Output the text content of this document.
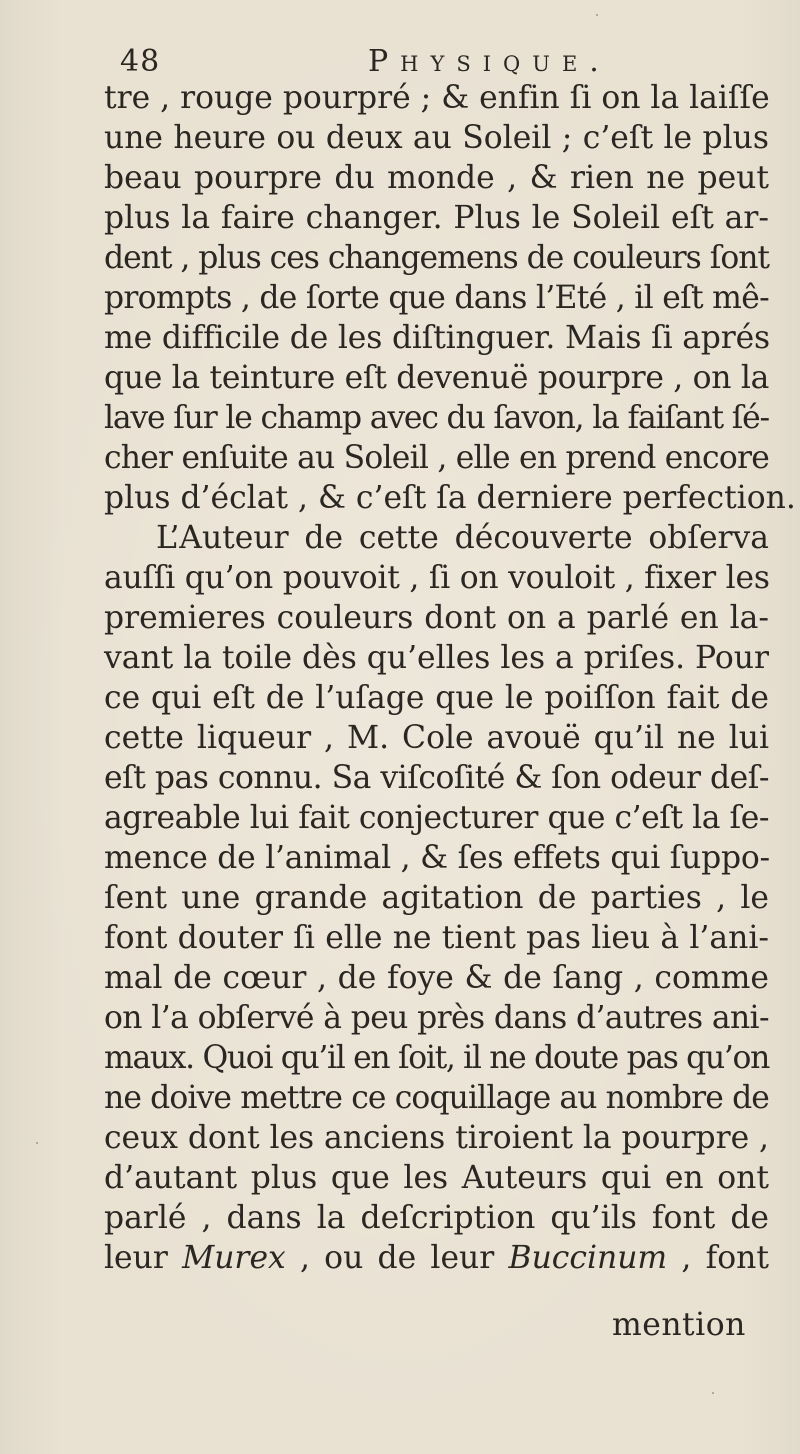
48	Physique.
tre , rouge pourpré ; & enfin ſi on la laiſſe
une heure ou deux au Soleil ; c’eſt le plus
beau pourpre du monde , & rien ne peut
plus la faire changer. Plus le Soleil eſt ar-
dent , plus ces changemens de couleurs ſont
prompts , de ſorte que dans l’Eté , il eſt mê-
me difficile de les diſtinguer. Mais ſi aprés
que la teinture eſt devenuë pourpre , on la
lave ſur le champ avec du ſavon, la faiſant ſé-
cher enſuite au Soleil , elle en prend encore
plus d’éclat , & c’eſt ſa derniere perfection.
L’Auteur de cette découverte obſerva
auſſi qu’on pouvoit , ſi on vouloit , fixer les
premieres couleurs dont on a parlé en la-
vant la toile dès qu’elles les a priſes. Pour
ce qui eſt de l’uſage que le poiſſon fait de
cette liqueur , M. Cole avouë qu’il ne lui
eſt pas connu. Sa viſcoſité & ſon odeur deſ-
agreable lui fait conjecturer que c’eſt la ſe-
mence de l’animal , & ſes effets qui ſuppo-
ſent une grande agitation de parties , le
font douter ſi elle ne tient pas lieu à l’ani-
mal de cœur , de foye & de ſang , comme
on l’a obſervé à peu près dans d’autres ani-
maux. Quoi qu’il en ſoit, il ne doute pas qu’on
ne doive mettre ce coquillage au nombre de
ceux dont les anciens tiroient la pourpre ,
d’autant plus que les Auteurs qui en ont
parlé , dans la deſcription qu’ils font de
leur Murex , ou de leur Buccinum , font
mention
